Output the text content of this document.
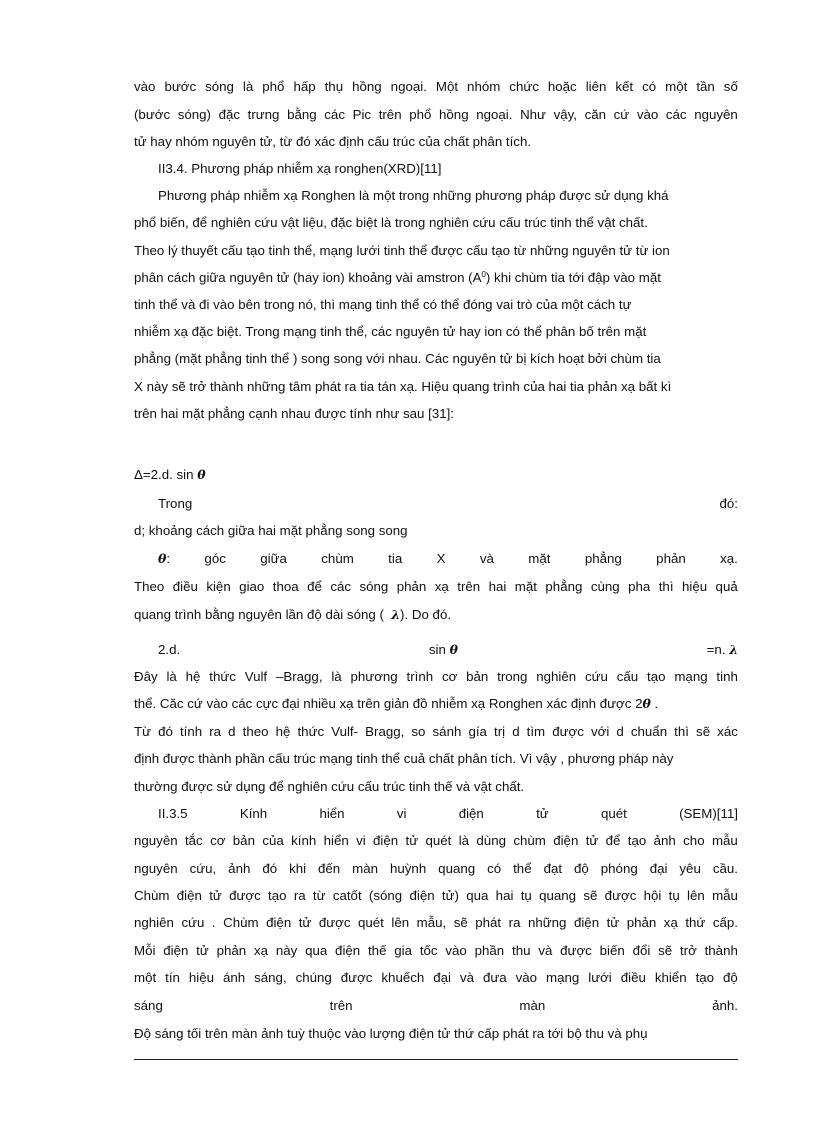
vào bước sóng là phổ hấp thụ hồng ngoại. Một nhóm chức hoặc liên kết có một tần số
(bước sóng) đặc trưng bằng các Pic trên phổ hồng ngoại. Như vậy, căn cứ vào các nguyên
tử hay nhóm nguyên tử, từ đó xác định cấu trúc của chất phân tích.
II3.4. Phương pháp nhiễm xạ ronghen(XRD)[11]
Phương pháp nhiễm xạ Ronghen là một trong những phương pháp được sử dụng khá
phổ biến, để nghiên cứu vật liệu, đặc biệt là trong nghiên cứu cấu trúc tinh thể vật chất.
Theo lý thuyết cấu tạo tinh thể, mạng lưới tinh thể được cấu tạo từ những nguyên tử từ ion
phân cách giữa nguyên tử (hay ion) khoảng vài amstron $(A^0)$ khi chùm tia tới đập vào mặt
tinh thể và đi vào bên trong nó, thì mạng tinh thể có thể đóng vai trò của một cách tự
nhiễm xạ đặc biệt. Trong mạng tinh thể, các nguyên tử hay ion có thể phân bố trên mặt
phẳng (mặt phẳng tinh thể ) song song với nhau. Các nguyên tử bị kích hoạt bởi chùm tia
X này sẽ trở thành những tâm phát ra tia tán xạ. Hiệu quang trình của hai tia phản xạ bất kì
trên hai mặt phẳng cạnh nhau được tính như sau [31]:
Δ=2.d. sin θ
Trong	đó:
d; khoảng cách giữa hai mặt phẳng song song
θ:	góc	giữa	chùm	tia	X	và	mặt	phẳng	phản	xạ.
Theo điều kiện giao thoa để các sóng phản xạ trên hai mặt phẳng cùng pha thì hiệu quả
quang trình bằng nguyên lần độ dài sóng ( λ). Do đó.
2.d.	sin θ	=n. λ
Đây là hệ thức Vulf –Bragg, là phương trình cơ bản trong nghiên cứu cấu tạo mạng tinh
thể. Căc cứ vào các cực đại nhiều xạ trên giản đồ nhiễm xạ Ronghen xác định được 2θ .
Từ đó tính ra d theo hệ thức Vulf- Bragg, so sánh gía trị d tìm được với d chuẩn thì sẽ xác
định được thành phần cấu trúc mạng tinh thể cuả chất phân tích. Vì vậy , phương pháp này
thường được sử dụng để nghiên cứu cấu trúc tinh thế và vật chất.
II.3.5	Kính	hiển	vi	điện	tử	quét	(SEM)[11]
nguyên tắc cơ bản của kính hiển vi điện tử quét là dùng chùm điện tử để tạo ảnh cho mẫu
nguyên cứu, ảnh đó khi đến màn huỳnh quang có thể đạt độ phóng đại yêu cầu.
Chùm điện tử được tạo ra từ catốt (sóng điện tử) qua hai tụ quang sẽ được hội tụ lên mẫu
nghiên cứu . Chùm điện tử được quét lên mẫu, sẽ phát ra những điện tử phản xạ thứ cấp.
Mỗi điện tử phản xạ này qua điện thế gia tốc vào phần thu và được biến đổi sẽ trở thành
một tín hiệu ánh sáng, chúng được khuếch đại và đưa vào mạng lưới điều khiển tạo độ
sáng	trên	màn	ảnh.
Độ sáng tối trên màn ảnh tuỳ thuộc vào lượng điện tử thứ cấp phát ra tới bộ thu và phụ
